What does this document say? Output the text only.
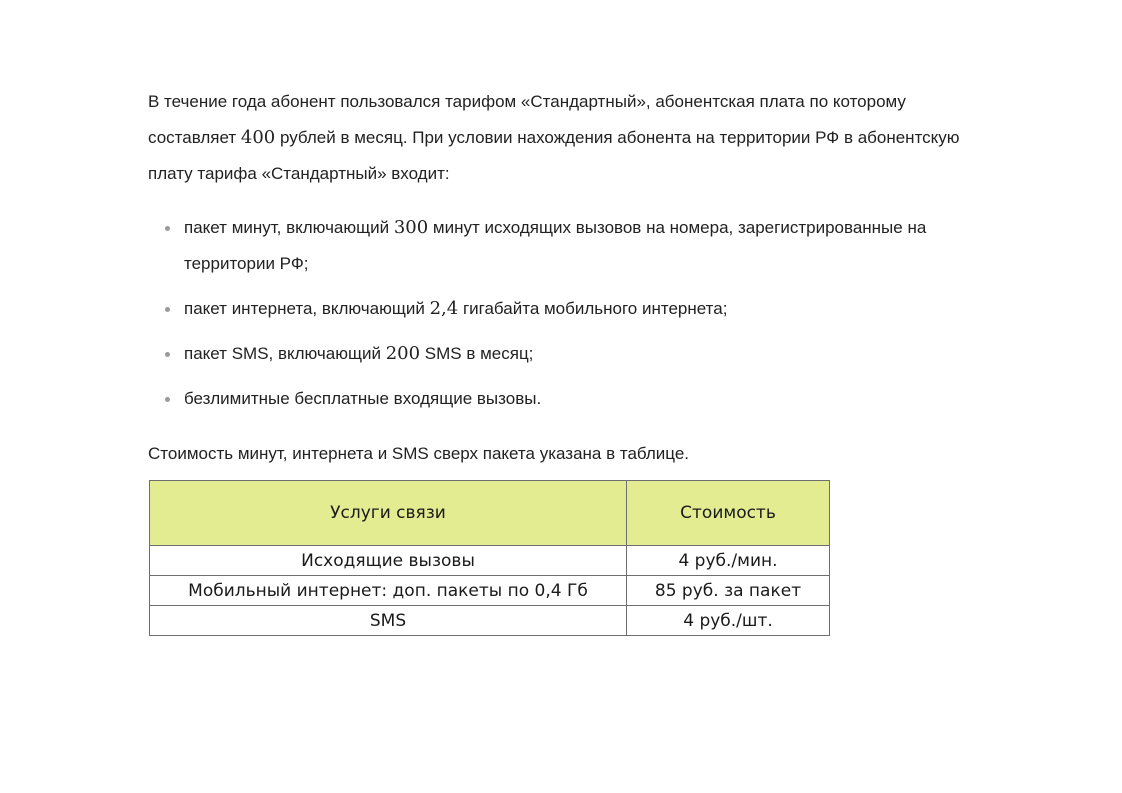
В течение года абонент пользовался тарифом «Стандартный», абонентская плата по которому составляет 400 рублей в месяц. При условии нахождения абонента на территории РФ в абонентскую плату тарифа «Стандартный» входит:

пакет минут, включающий 300 минут исходящих вызовов на номера, зарегистрированные на территории РФ;
пакет интернета, включающий 2,4 гигабайта мобильного интернета;
пакет SMS, включающий 200 SMS в месяц;
безлимитные бесплатные входящие вызовы.

Стоимость минут, интернета и SMS сверх пакета указана в таблице.

Услуги связи	Стоимость
Исходящие вызовы	4 руб./мин.
Мобильный интернет: доп. пакеты по 0,4 Гб	85 руб. за пакет
SMS	4 руб./шт.
